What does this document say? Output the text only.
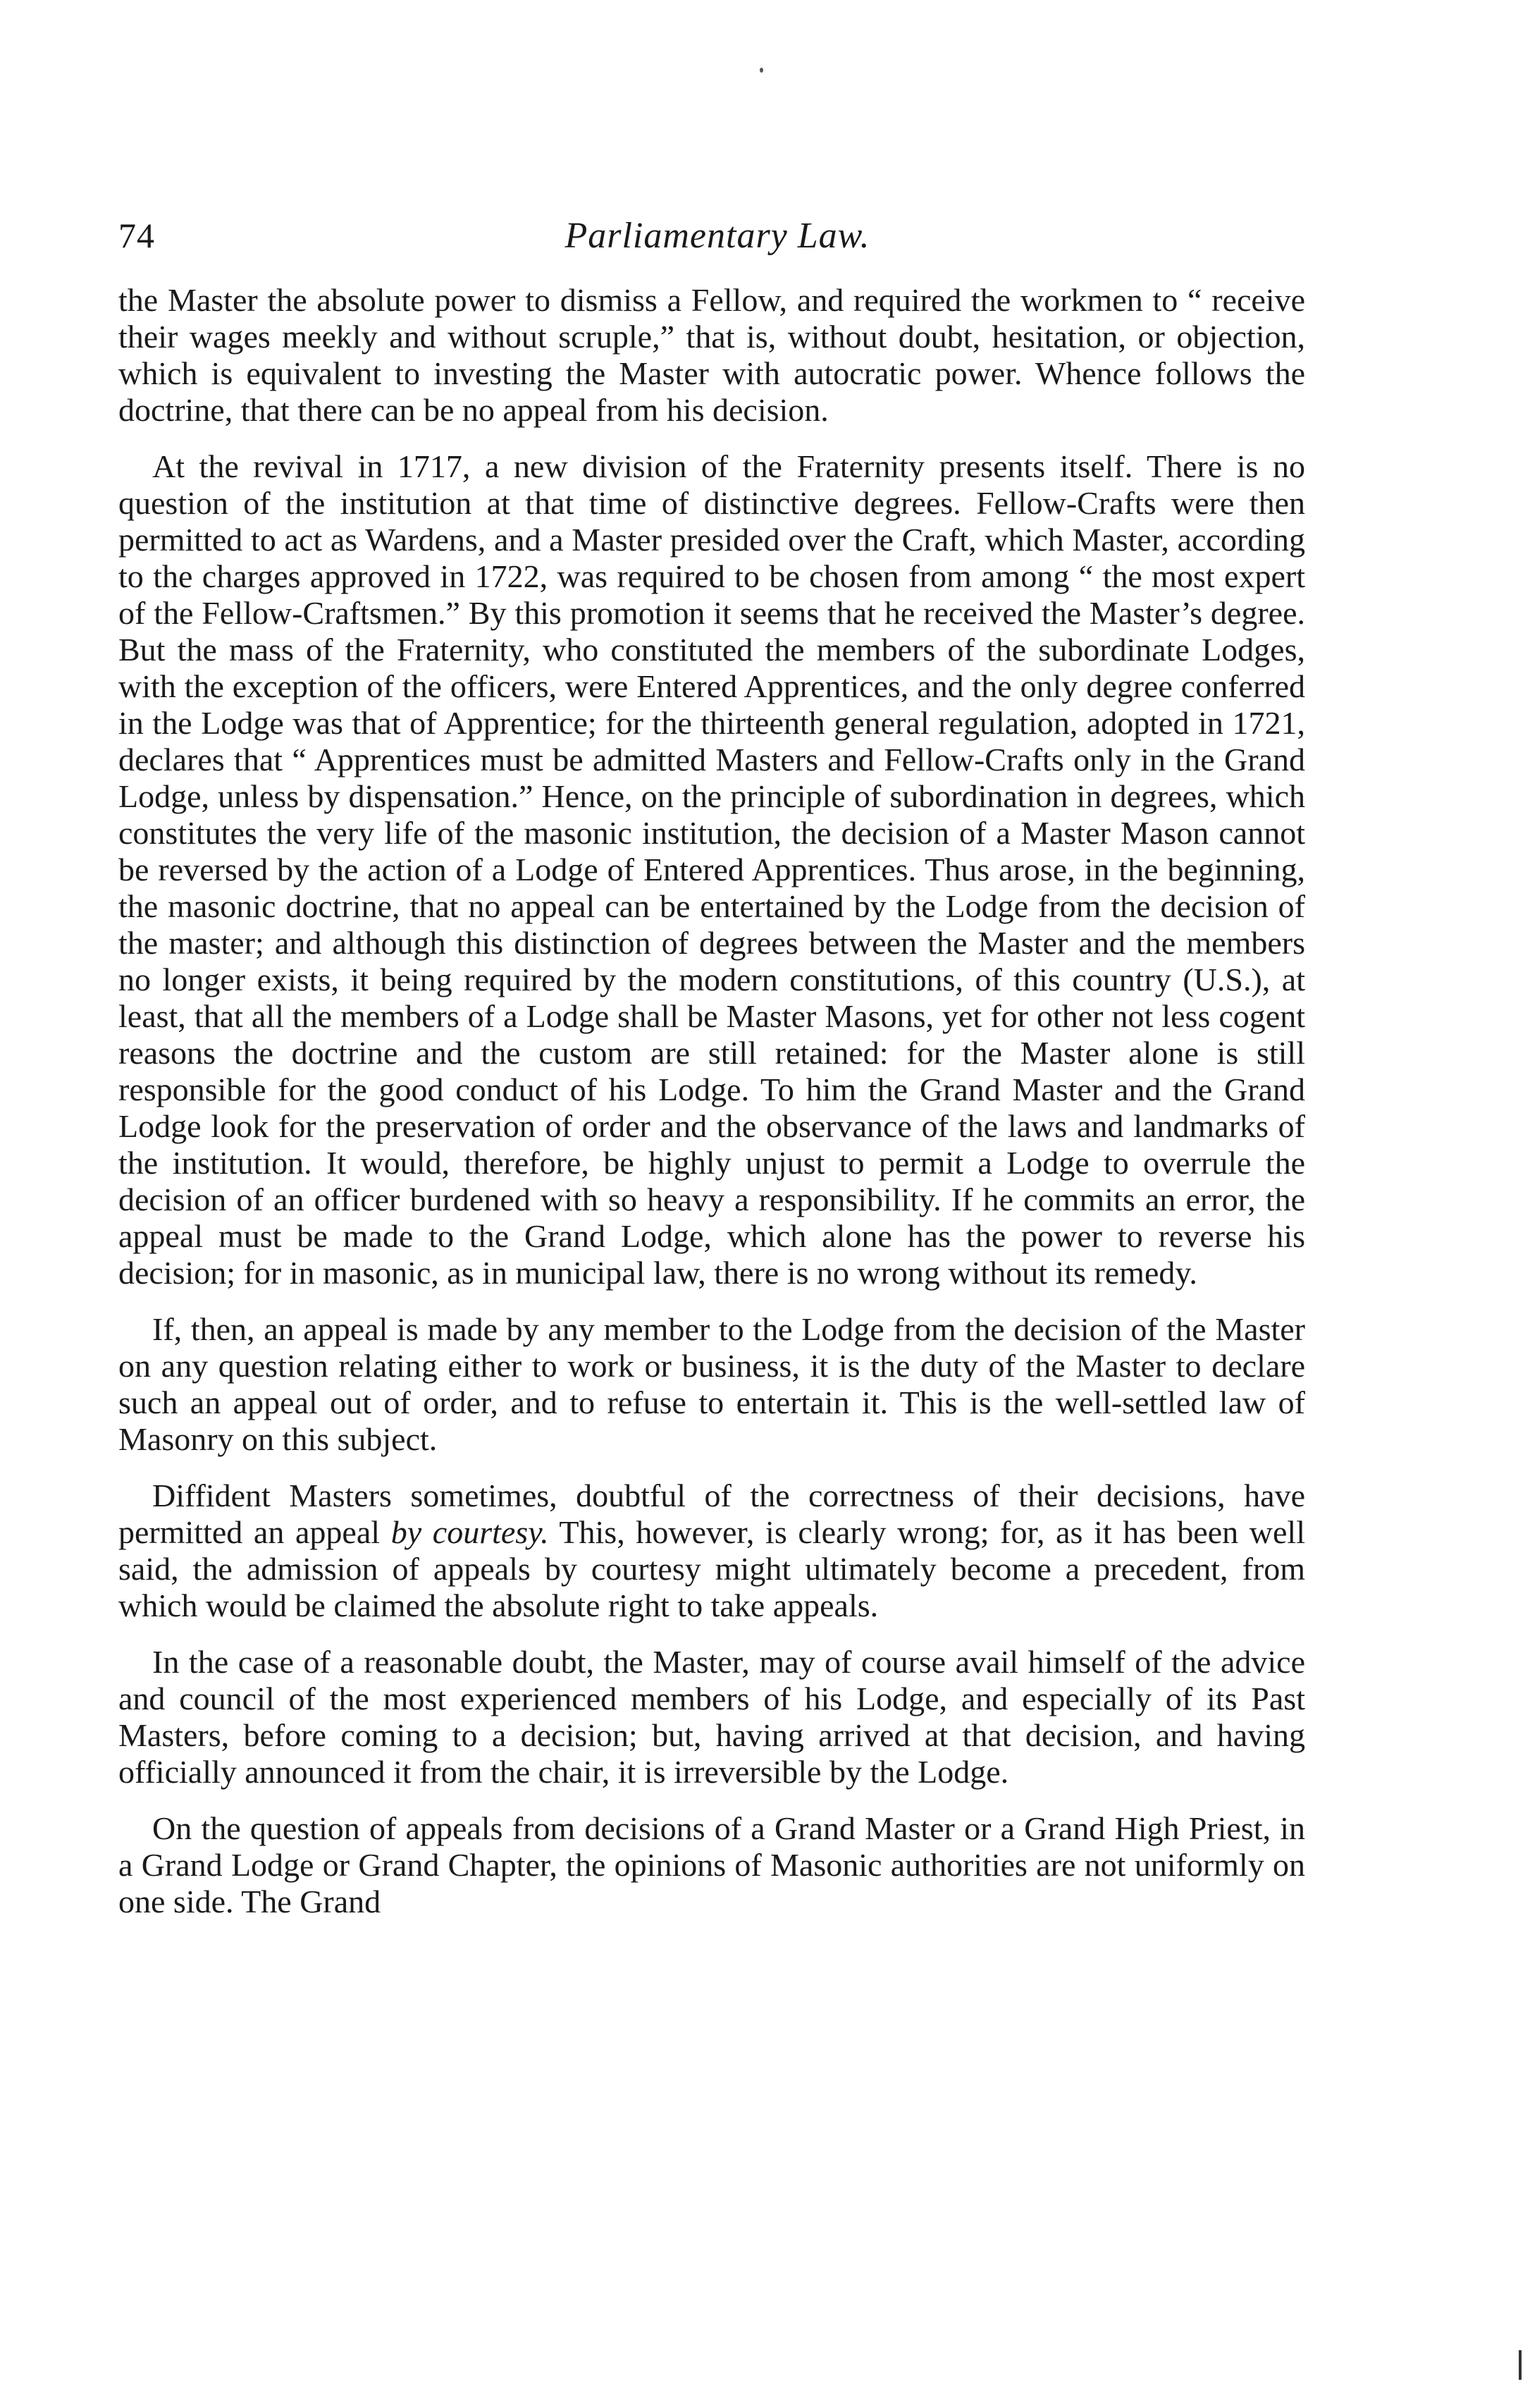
74	Parliamentary Law.

the Master the absolute power to dismiss a Fellow, and required the workmen to “ receive their wages meekly and without scruple,” that is, without doubt, hesitation, or objection, which is equivalent to investing the Master with autocratic power. Whence follows the doctrine, that there can be no appeal from his decision.

At the revival in 1717, a new division of the Fraternity presents itself. There is no question of the institution at that time of distinctive degrees. Fellow-Crafts were then permitted to act as Wardens, and a Master presided over the Craft, which Master, according to the charges approved in 1722, was required to be chosen from among “ the most expert of the Fellow-Craftsmen.” By this promotion it seems that he received the Master’s degree. But the mass of the Fraternity, who constituted the members of the subordinate Lodges, with the exception of the officers, were Entered Apprentices, and the only degree conferred in the Lodge was that of Apprentice; for the thirteenth general regulation, adopted in 1721, declares that “ Apprentices must be admitted Masters and Fellow-Crafts only in the Grand Lodge, unless by dispensation.” Hence, on the principle of subordination in degrees, which constitutes the very life of the masonic institution, the decision of a Master Mason cannot be reversed by the action of a Lodge of Entered Apprentices. Thus arose, in the beginning, the masonic doctrine, that no appeal can be entertained by the Lodge from the decision of the master; and although this distinction of degrees between the Master and the members no longer exists, it being required by the modern constitutions, of this country (U.S.), at least, that all the members of a Lodge shall be Master Masons, yet for other not less cogent reasons the doctrine and the custom are still retained: for the Master alone is still responsible for the good conduct of his Lodge. To him the Grand Master and the Grand Lodge look for the preservation of order and the observance of the laws and landmarks of the institution. It would, therefore, be highly unjust to permit a Lodge to overrule the decision of an officer burdened with so heavy a responsibility. If he commits an error, the appeal must be made to the Grand Lodge, which alone has the power to reverse his decision; for in masonic, as in municipal law, there is no wrong without its remedy.

If, then, an appeal is made by any member to the Lodge from the decision of the Master on any question relating either to work or business, it is the duty of the Master to declare such an appeal out of order, and to refuse to entertain it. This is the well-settled law of Masonry on this subject.

Diffident Masters sometimes, doubtful of the correctness of their decisions, have permitted an appeal by courtesy. This, however, is clearly wrong; for, as it has been well said, the admission of appeals by courtesy might ultimately become a precedent, from which would be claimed the absolute right to take appeals.

In the case of a reasonable doubt, the Master, may of course avail himself of the advice and council of the most experienced members of his Lodge, and especially of its Past Masters, before coming to a decision; but, having arrived at that decision, and having officially announced it from the chair, it is irreversible by the Lodge.

On the question of appeals from decisions of a Grand Master or a Grand High Priest, in a Grand Lodge or Grand Chapter, the opinions of Masonic authorities are not uniformly on one side. The Grand
